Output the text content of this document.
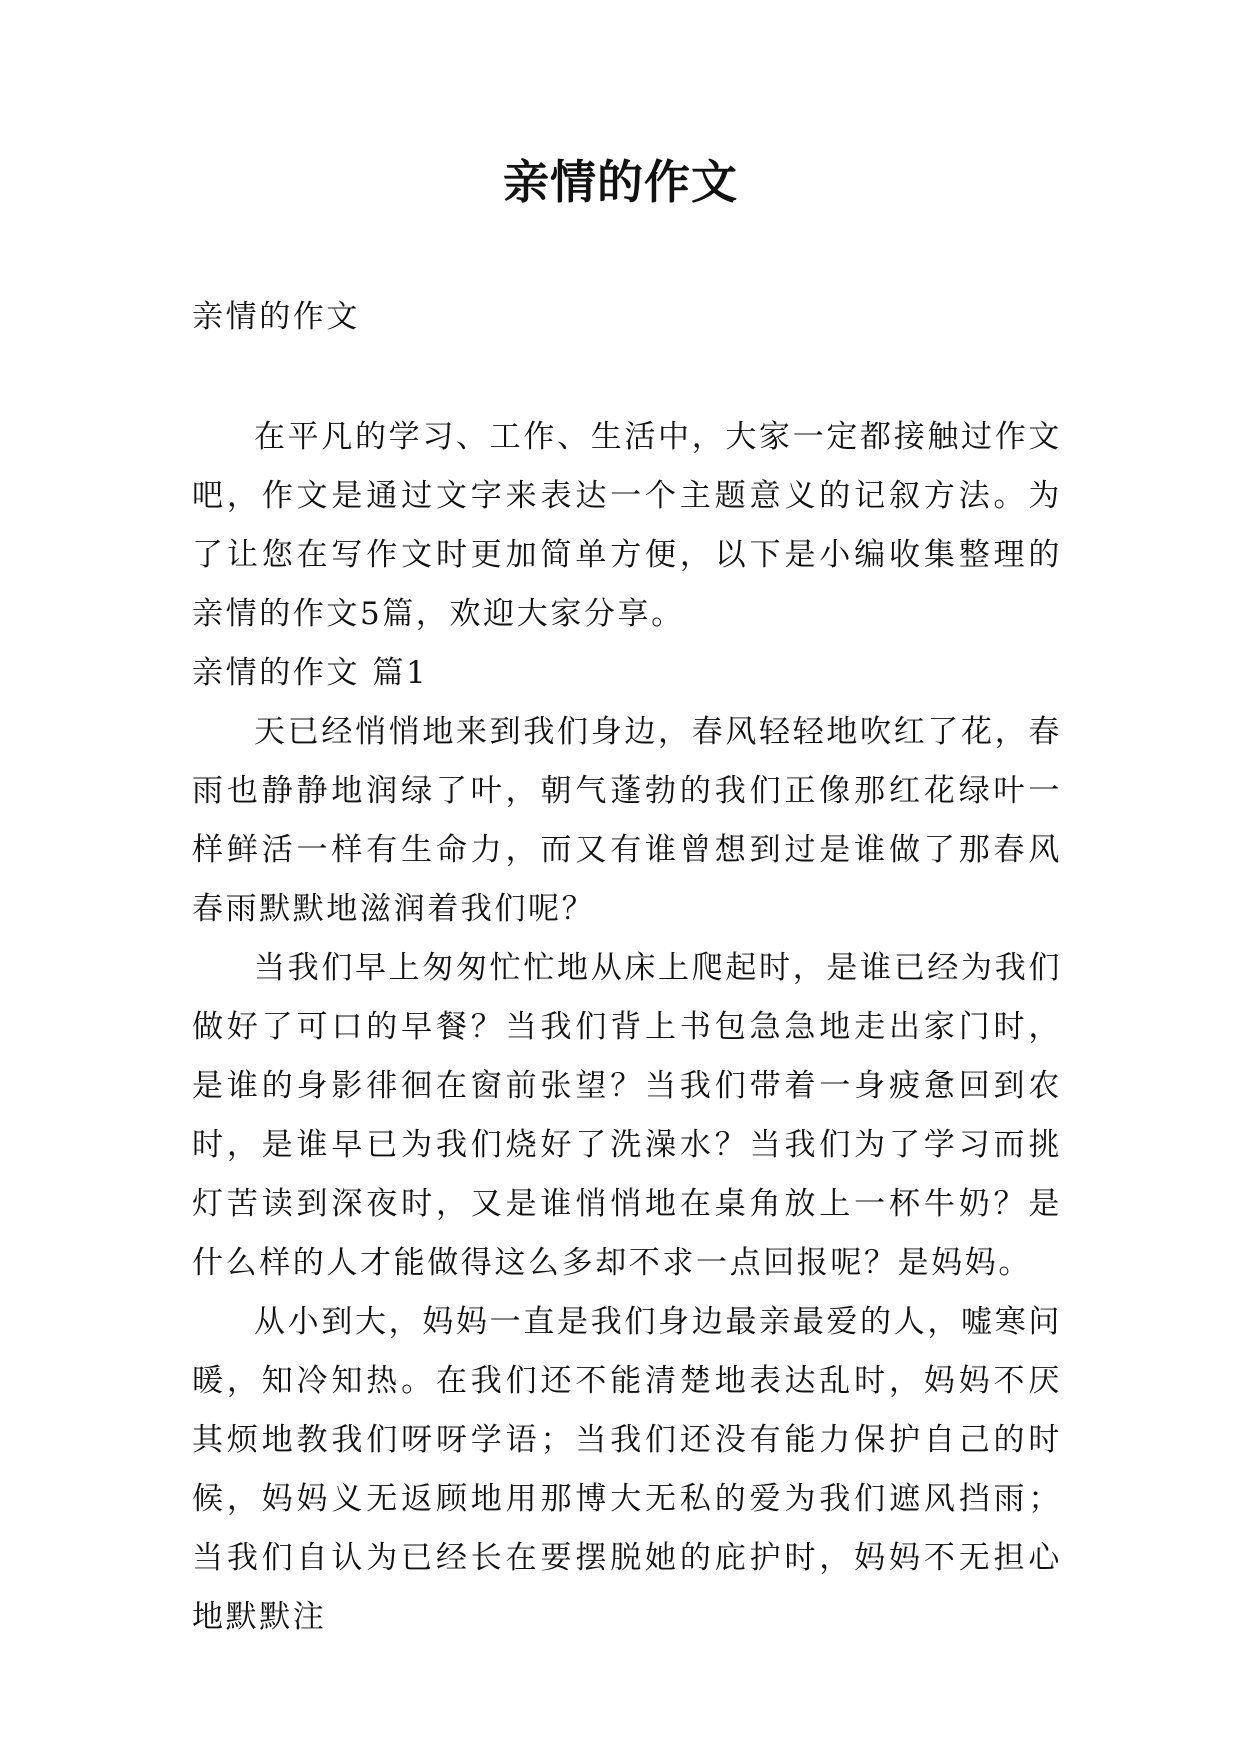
亲情的作文
亲情的作文

在平凡的学习、工作、生活中，大家一定都接触过作文吧，作文是通过文字来表达一个主题意义的记叙方法。为了让您在写作文时更加简单方便，以下是小编收集整理的亲情的作文5篇，欢迎大家分享。

亲情的作文 篇1

天已经悄悄地来到我们身边，春风轻轻地吹红了花，春雨也静静地润绿了叶，朝气蓬勃的我们正像那红花绿叶一样鲜活一样有生命力，而又有谁曾想到过是谁做了那春风春雨默默地滋润着我们呢？

当我们早上匆匆忙忙地从床上爬起时，是谁已经为我们做好了可口的早餐？当我们背上书包急急地走出家门时，是谁的身影徘徊在窗前张望？当我们带着一身疲惫回到农时，是谁早已为我们烧好了洗澡水？当我们为了学习而挑灯苦读到深夜时，又是谁悄悄地在桌角放上一杯牛奶？是什么样的人才能做得这么多却不求一点回报呢？是妈妈。

从小到大，妈妈一直是我们身边最亲最爱的人，嘘寒问暖，知冷知热。在我们还不能清楚地表达乱时，妈妈不厌其烦地教我们呀呀学语；当我们还没有能力保护自己的时候，妈妈义无返顾地用那博大无私的爱为我们遮风挡雨；当我们自认为已经长在要摆脱她的庇护时，妈妈不无担心地默默注
